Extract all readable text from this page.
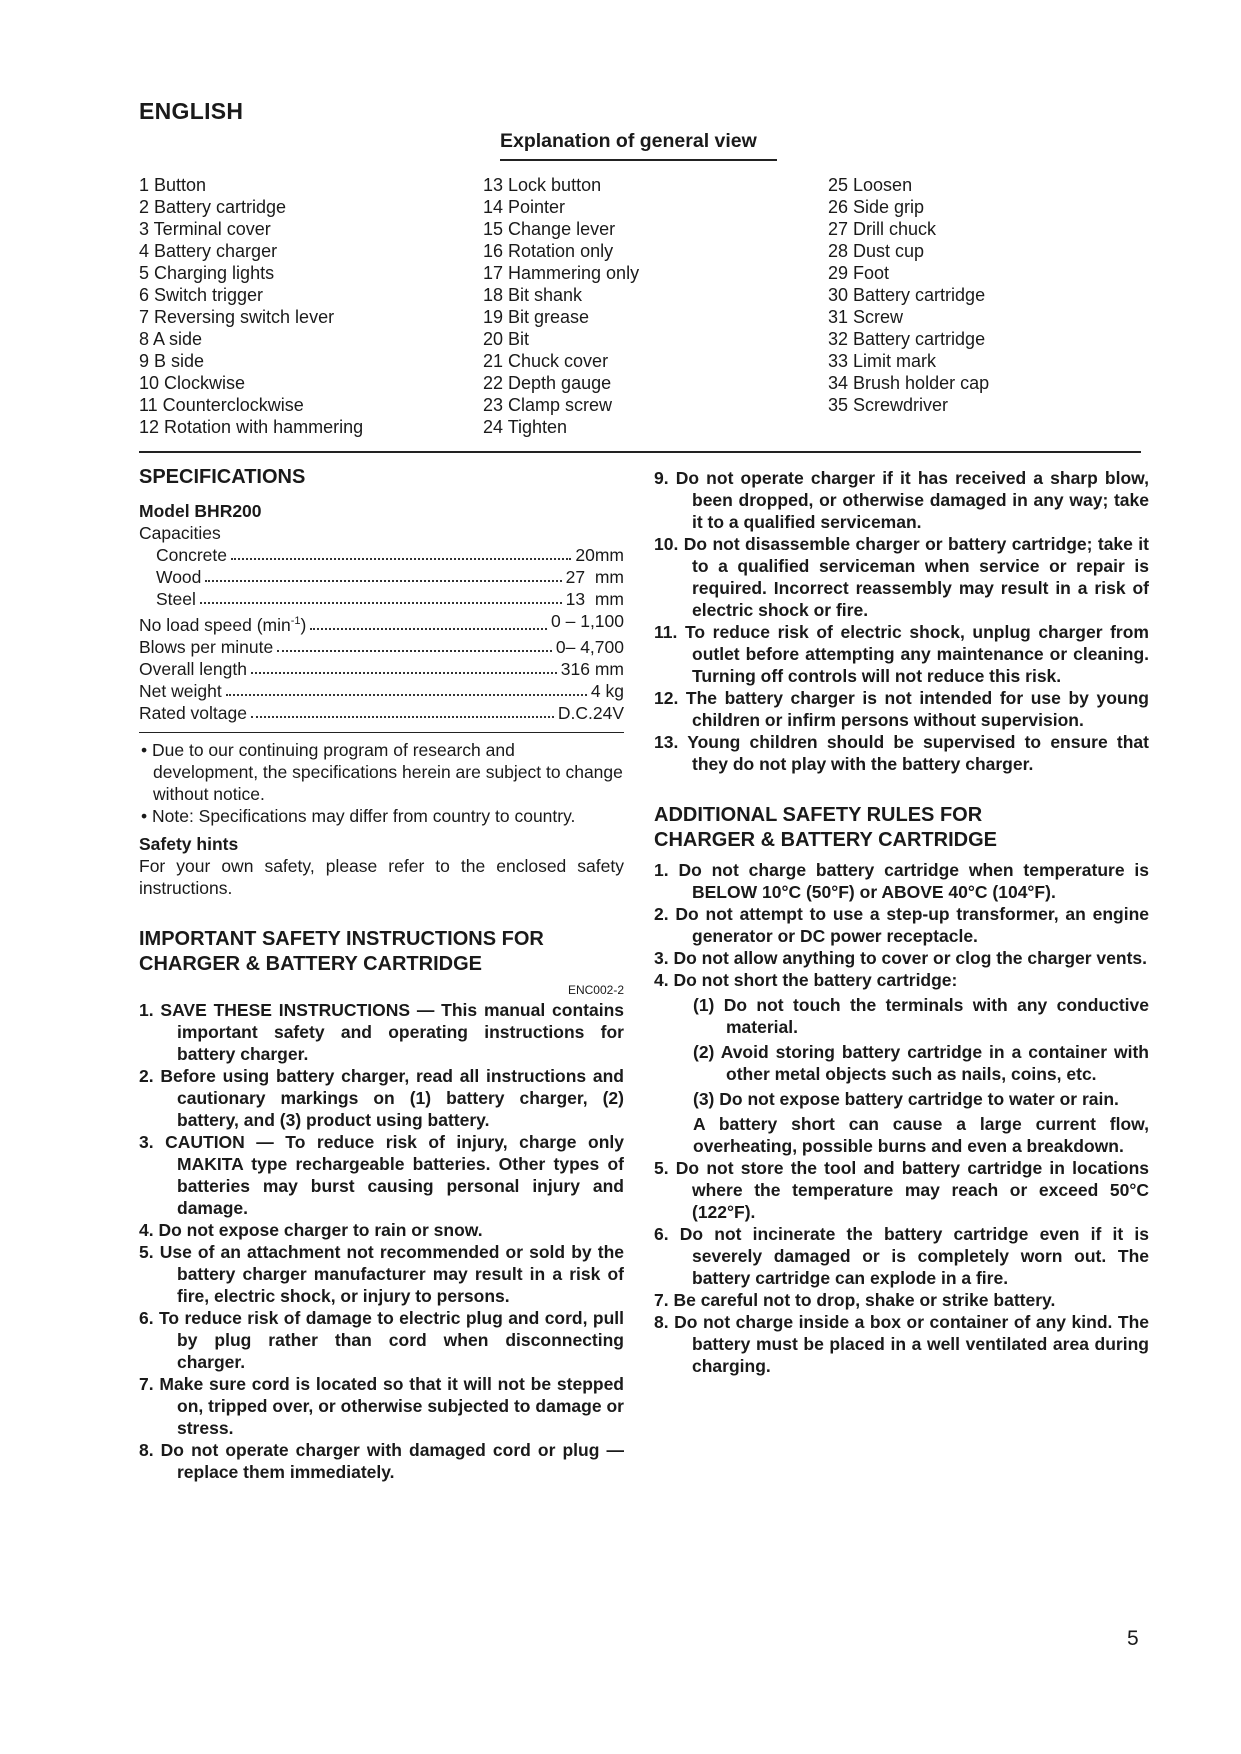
ENGLISH
Explanation of general view
1 Button
2 Battery cartridge
3 Terminal cover
4 Battery charger
5 Charging lights
6 Switch trigger
7 Reversing switch lever
8 A side
9 B side
10 Clockwise
11 Counterclockwise
12 Rotation with hammering
13 Lock button
14 Pointer
15 Change lever
16 Rotation only
17 Hammering only
18 Bit shank
19 Bit grease
20 Bit
21 Chuck cover
22 Depth gauge
23 Clamp screw
24 Tighten
25 Loosen
26 Side grip
27 Drill chuck
28 Dust cup
29 Foot
30 Battery cartridge
31 Screw
32 Battery cartridge
33 Limit mark
34 Brush holder cap
35 Screwdriver
SPECIFICATIONS
Model BHR200
Capacities
Concrete	20mm
Wood	27  mm
Steel	13  mm
No load speed $(\min^{-1})$	0 – 1,100
Blows per minute	0– 4,700
Overall length	316 mm
Net weight	4 kg
Rated voltage	D.C.24V
• Due to our continuing program of research and development, the specifications herein are subject to change without notice.
• Note: Specifications may differ from country to country.
Safety hints
For your own safety, please refer to the enclosed safety instructions.
IMPORTANT SAFETY INSTRUCTIONS FOR
CHARGER & BATTERY CARTRIDGE
ENC002-2
1. SAVE THESE INSTRUCTIONS — This manual contains important safety and operating instructions for battery charger.
2. Before using battery charger, read all instructions and cautionary markings on (1) battery charger, (2) battery, and (3) product using battery.
3. CAUTION — To reduce risk of injury, charge only MAKITA type rechargeable batteries. Other types of batteries may burst causing personal injury and damage.
4. Do not expose charger to rain or snow.
5. Use of an attachment not recommended or sold by the battery charger manufacturer may result in a risk of fire, electric shock, or injury to persons.
6. To reduce risk of damage to electric plug and cord, pull by plug rather than cord when disconnecting charger.
7. Make sure cord is located so that it will not be stepped on, tripped over, or otherwise subjected to damage or stress.
8. Do not operate charger with damaged cord or plug — replace them immediately.
9. Do not operate charger if it has received a sharp blow, been dropped, or otherwise damaged in any way; take it to a qualified serviceman.
10. Do not disassemble charger or battery cartridge; take it to a qualified serviceman when service or repair is required. Incorrect reassembly may result in a risk of electric shock or fire.
11. To reduce risk of electric shock, unplug charger from outlet before attempting any maintenance or cleaning. Turning off controls will not reduce this risk.
12. The battery charger is not intended for use by young children or infirm persons without supervision.
13. Young children should be supervised to ensure that they do not play with the battery charger.
ADDITIONAL SAFETY RULES FOR
CHARGER & BATTERY CARTRIDGE
1. Do not charge battery cartridge when temperature is BELOW 10°C (50°F) or ABOVE 40°C (104°F).
2. Do not attempt to use a step-up transformer, an engine generator or DC power receptacle.
3. Do not allow anything to cover or clog the charger vents.
4. Do not short the battery cartridge:
(1) Do not touch the terminals with any conductive material.
(2) Avoid storing battery cartridge in a container with other metal objects such as nails, coins, etc.
(3) Do not expose battery cartridge to water or rain.
A battery short can cause a large current flow, overheating, possible burns and even a breakdown.
5. Do not store the tool and battery cartridge in locations where the temperature may reach or exceed 50°C (122°F).
6. Do not incinerate the battery cartridge even if it is severely damaged or is completely worn out. The battery cartridge can explode in a fire.
7. Be careful not to drop, shake or strike battery.
8. Do not charge inside a box or container of any kind. The battery must be placed in a well ventilated area during charging.
5
